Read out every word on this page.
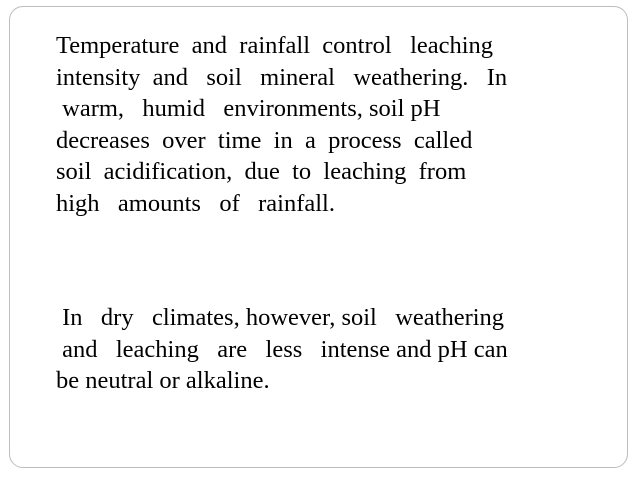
Temperature  and  rainfall  control   leaching
intensity  and   soil   mineral   weathering.   In
warm,   humid   environments, soil pH
decreases  over  time  in  a  process  called
soil  acidification,  due  to  leaching  from
high   amounts   of   rainfall.
In   dry   climates, however, soil   weathering
and   leaching   are   less   intense and pH can
be neutral or alkaline.
